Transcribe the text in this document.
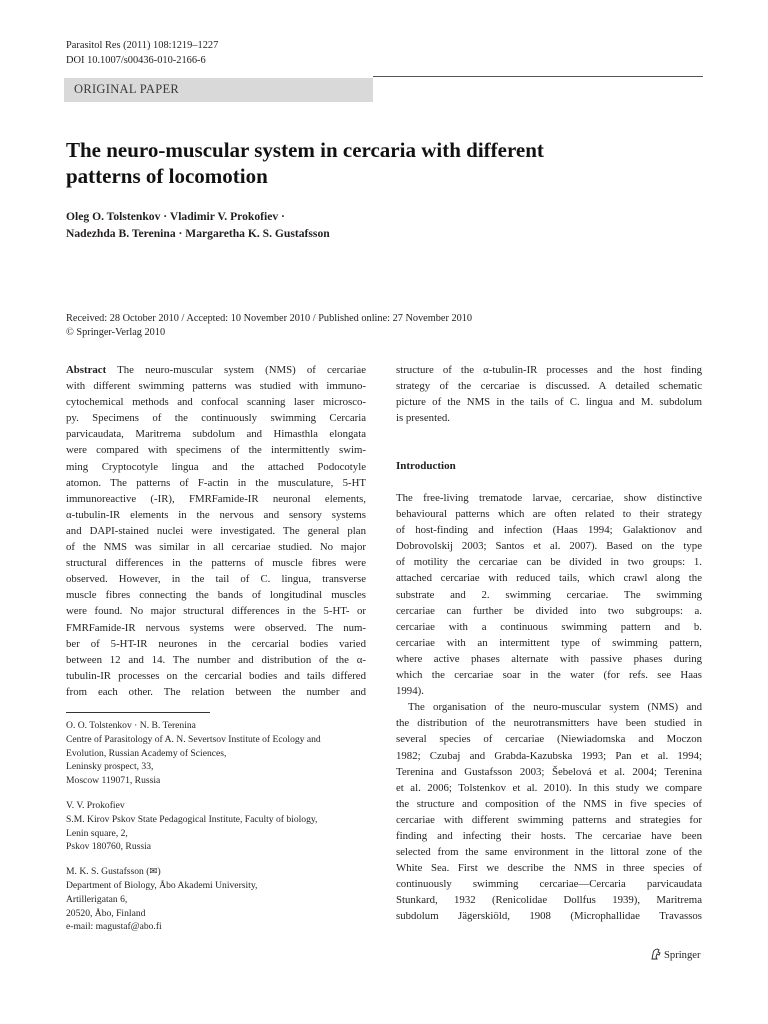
Parasitol Res (2011) 108:1219–1227
DOI 10.1007/s00436-010-2166-6
ORIGINAL PAPER
The neuro-muscular system in cercaria with different
patterns of locomotion
Oleg O. Tolstenkov · Vladimir V. Prokofiev ·
Nadezhda B. Terenina · Margaretha K. S. Gustafsson
Received: 28 October 2010 / Accepted: 10 November 2010 / Published online: 27 November 2010
© Springer-Verlag 2010
Abstract The neuro-muscular system (NMS) of cercariae
with different swimming patterns was studied with immuno-
cytochemical methods and confocal scanning laser microsco-
py. Specimens of the continuously swimming Cercaria
parvicaudata, Maritrema subdolum and Himasthla elongata
were compared with specimens of the intermittently swim-
ming Cryptocotyle lingua and the attached Podocotyle
atomon. The patterns of F-actin in the musculature, 5-HT
immunoreactive (-IR), FMRFamide-IR neuronal elements,
α-tubulin-IR elements in the nervous and sensory systems
and DAPI-stained nuclei were investigated. The general plan
of the NMS was similar in all cercariae studied. No major
structural differences in the patterns of muscle fibres were
observed. However, in the tail of C. lingua, transverse
muscle fibres connecting the bands of longitudinal muscles
were found. No major structural differences in the 5-HT- or
FMRFamide-IR nervous systems were observed. The num-
ber of 5-HT-IR neurones in the cercarial bodies varied
between 12 and 14. The number and distribution of the α-
tubulin-IR processes on the cercarial bodies and tails differed
from each other. The relation between the number and
O. O. Tolstenkov · N. B. Terenina
Centre of Parasitology of A. N. Severtsov Institute of Ecology and
Evolution, Russian Academy of Sciences,
Leninsky prospect, 33,
Moscow 119071, Russia
V. V. Prokofiev
S.M. Kirov Pskov State Pedagogical Institute, Faculty of biology,
Lenin square, 2,
Pskov 180760, Russia
M. K. S. Gustafsson (✉)
Department of Biology, Åbo Akademi University,
Artillerigatan 6,
20520, Åbo, Finland
e-mail: magustaf@abo.fi
structure of the α-tubulin-IR processes and the host finding
strategy of the cercariae is discussed. A detailed schematic
picture of the NMS in the tails of C. lingua and M. subdolum
is presented.
Introduction
The free-living trematode larvae, cercariae, show distinctive
behavioural patterns which are often related to their strategy
of host-finding and infection (Haas 1994; Galaktionov and
Dobrovolskij 2003; Santos et al. 2007). Based on the type
of motility the cercariae can be divided in two groups: 1.
attached cercariae with reduced tails, which crawl along the
substrate and 2. swimming cercariae. The swimming
cercariae can further be divided into two subgroups: a.
cercariae with a continuous swimming pattern and b.
cercariae with an intermittent type of swimming pattern,
where active phases alternate with passive phases during
which the cercariae soar in the water (for refs. see Haas
1994).
The organisation of the neuro-muscular system (NMS) and
the distribution of the neurotransmitters have been studied in
several species of cercariae (Niewiadomska and Moczon
1982; Czubaj and Grabda-Kazubska 1993; Pan et al. 1994;
Terenina and Gustafsson 2003; Šebelová et al. 2004; Terenina
et al. 2006; Tolstenkov et al. 2010). In this study we compare
the structure and composition of the NMS in five species of
cercariae with different swimming patterns and strategies for
finding and infecting their hosts. The cercariae have been
selected from the same environment in the littoral zone of the
White Sea. First we describe the NMS in three species of
continuously swimming cercariae—Cercaria parvicaudata
Stunkard, 1932 (Renicolidae Dollfus 1939), Maritrema
subdolum Jägerskiöld, 1908 (Microphallidae Travassos
Springer
